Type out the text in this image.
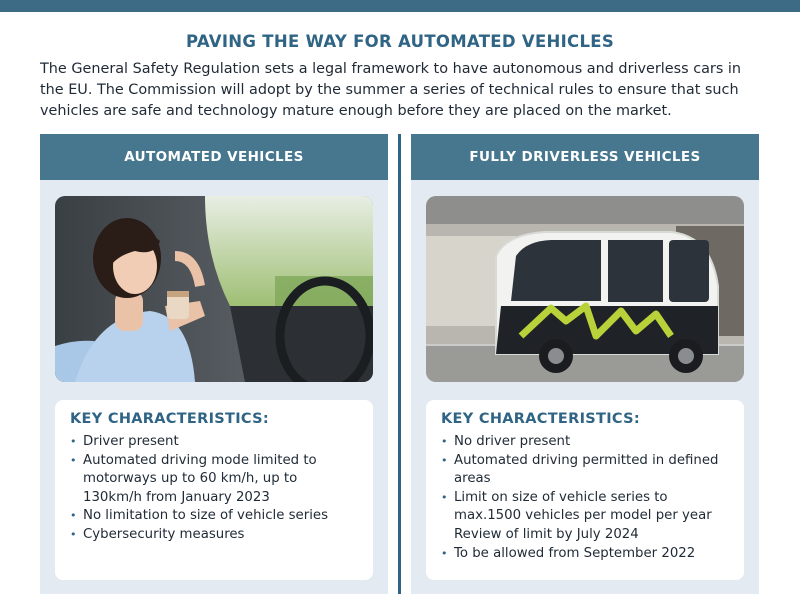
PAVING THE WAY FOR AUTOMATED VEHICLES

The General Safety Regulation sets a legal framework to have autonomous and driverless cars in the EU. The Commission will adopt by the summer a series of technical rules to ensure that such vehicles are safe and technology mature enough before they are placed on the market.

AUTOMATED VEHICLES
KEY CHARACTERISTICS:
• Driver present
• Automated driving mode limited to motorways up to 60 km/h, up to 130km/h from January 2023
• No limitation to size of vehicle series
• Cybersecurity measures
FULLY DRIVERLESS VEHICLES
KEY CHARACTERISTICS:
• No driver present
• Automated driving permitted in defined areas
• Limit on size of vehicle series to max.1500 vehicles per model per year
Review of limit by July 2024
• To be allowed from September 2022
